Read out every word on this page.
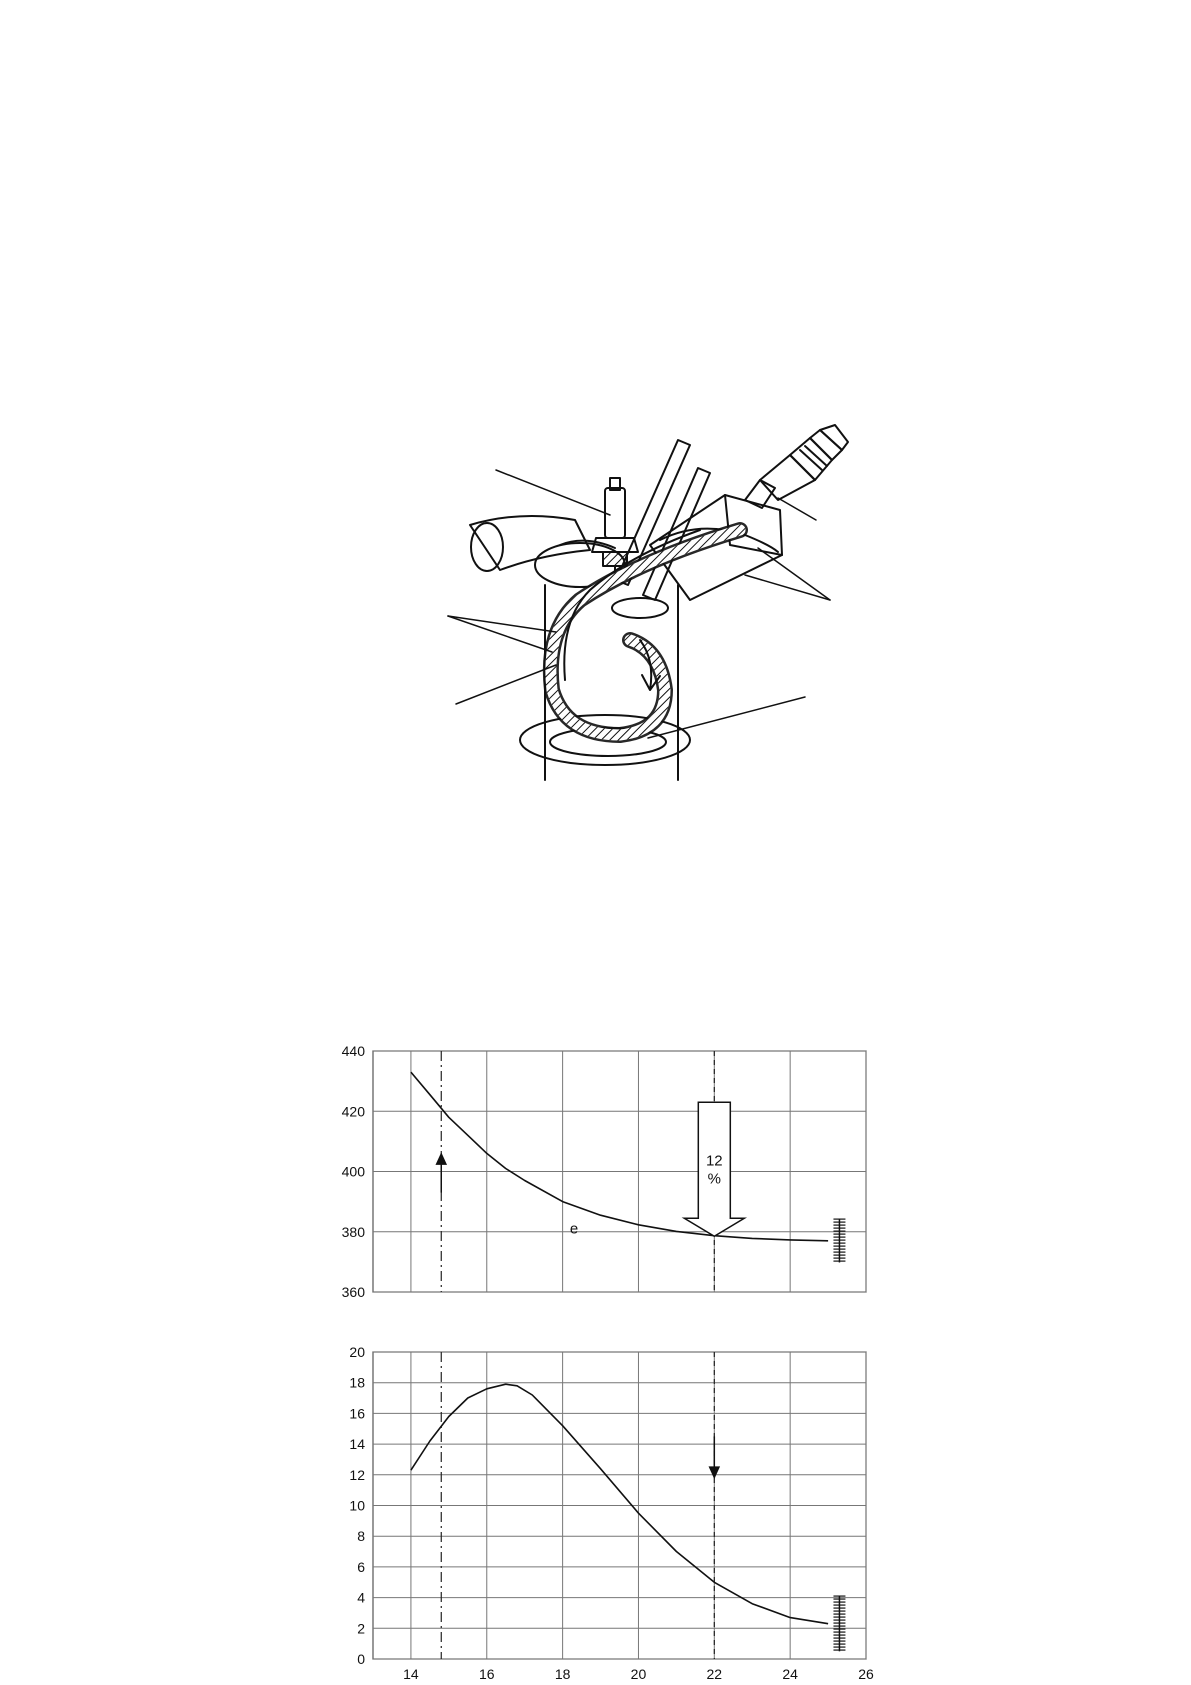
360
380
400
420
440
12
%
e
0
2
4
6
8
10
12
14
16
18
20
14	16	18	20	22	24	26
